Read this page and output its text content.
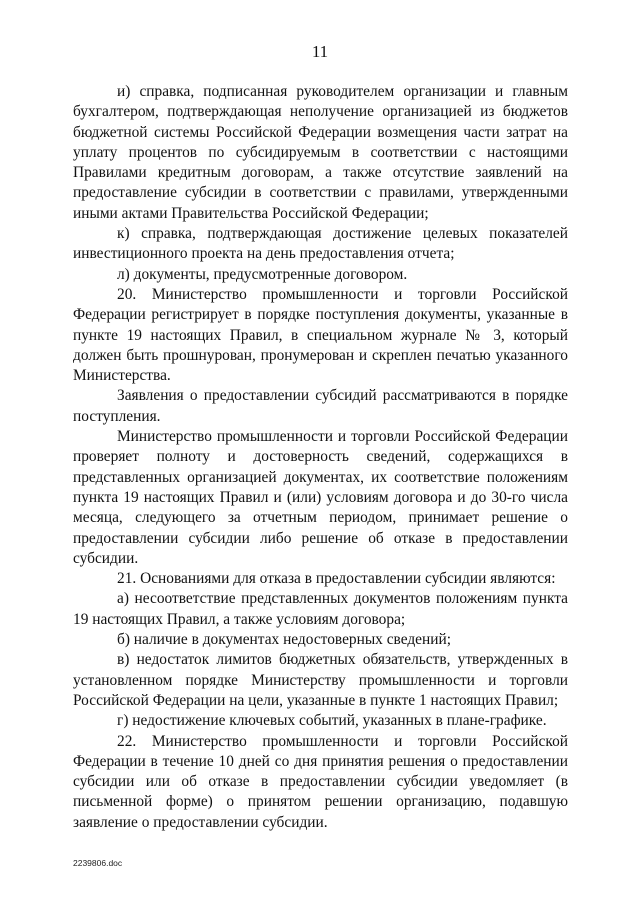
11

и) справка, подписанная руководителем организации и главным бухгалтером, подтверждающая неполучение организацией из бюджетов бюджетной системы Российской Федерации возмещения части затрат на уплату процентов по субсидируемым в соответствии с настоящими Правилами кредитным договорам, а также отсутствие заявлений на предоставление субсидии в соответствии с правилами, утвержденными иными актами Правительства Российской Федерации;

к) справка, подтверждающая достижение целевых показателей инвестиционного проекта на день предоставления отчета;

л) документы, предусмотренные договором.

20. Министерство промышленности и торговли Российской Федерации регистрирует в порядке поступления документы, указанные в пункте 19 настоящих Правил, в специальном журнале № 3, который должен быть прошнурован, пронумерован и скреплен печатью указанного Министерства.

Заявления о предоставлении субсидий рассматриваются в порядке поступления.

Министерство промышленности и торговли Российской Федерации проверяет полноту и достоверность сведений, содержащихся в представленных организацией документах, их соответствие положениям пункта 19 настоящих Правил и (или) условиям договора и до 30-го числа месяца, следующего за отчетным периодом, принимает решение о предоставлении субсидии либо решение об отказе в предоставлении субсидии.

21. Основаниями для отказа в предоставлении субсидии являются:

а) несоответствие представленных документов положениям пункта 19 настоящих Правил, а также условиям договора;

б) наличие в документах недостоверных сведений;

в) недостаток лимитов бюджетных обязательств, утвержденных в установленном порядке Министерству промышленности и торговли Российской Федерации на цели, указанные в пункте 1 настоящих Правил;

г) недостижение ключевых событий, указанных в плане-графике.

22. Министерство промышленности и торговли Российской Федерации в течение 10 дней со дня принятия решения о предоставлении субсидии или об отказе в предоставлении субсидии уведомляет (в письменной форме) о принятом решении организацию, подавшую заявление о предоставлении субсидии.

2239806.doc
